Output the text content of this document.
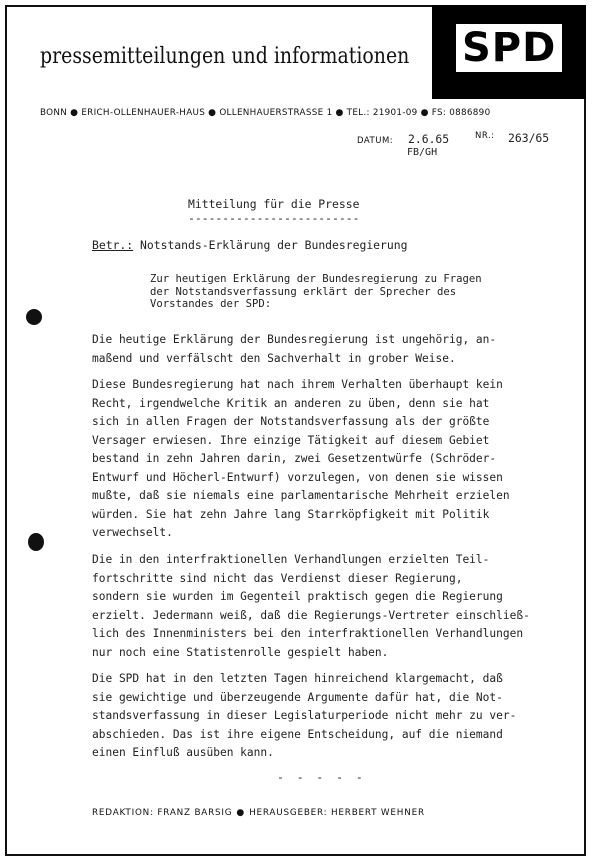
SPD
pressemitteilungen und informationen
BONN ● ERICH-OLLENHAUER-HAUS ● OLLENHAUERSTRASSE 1 ● TEL.: 21901-09 ● FS: 0886890
DATUM: 2.6.65
FB/GH
NR.: 263/65
Mitteilung für die Presse
-------------------------
Betr.: Notstands-Erklärung der Bundesregierung
Zur heutigen Erklärung der Bundesregierung zu Fragen
der Notstandsverfassung erklärt der Sprecher des
Vorstandes der SPD:
Die heutige Erklärung der Bundesregierung ist ungehörig, an-
maßend und verfälscht den Sachverhalt in grober Weise.
Diese Bundesregierung hat nach ihrem Verhalten überhaupt kein
Recht, irgendwelche Kritik an anderen zu üben, denn sie hat
sich in allen Fragen der Notstandsverfassung als der größte
Versager erwiesen. Ihre einzige Tätigkeit auf diesem Gebiet
bestand in zehn Jahren darin, zwei Gesetzentwürfe (Schröder-
Entwurf und Höcherl-Entwurf) vorzulegen, von denen sie wissen
mußte, daß sie niemals eine parlamentarische Mehrheit erzielen
würden. Sie hat zehn Jahre lang Starrköpfigkeit mit Politik
verwechselt.
Die in den interfraktionellen Verhandlungen erzielten Teil-
fortschritte sind nicht das Verdienst dieser Regierung,
sondern sie wurden im Gegenteil praktisch gegen die Regierung
erzielt. Jedermann weiß, daß die Regierungs-Vertreter einschließ-
lich des Innenministers bei den interfraktionellen Verhandlungen
nur noch eine Statistenrolle gespielt haben.
Die SPD hat in den letzten Tagen hinreichend klargemacht, daß
sie gewichtige und überzeugende Argumente dafür hat, die Not-
standsverfassung in dieser Legislaturperiode nicht mehr zu ver-
abschieden. Das ist ihre eigene Entscheidung, auf die niemand
einen Einfluß ausüben kann.
- - - - -
REDAKTION: FRANZ BARSIG ● HERAUSGEBER: HERBERT WEHNER
